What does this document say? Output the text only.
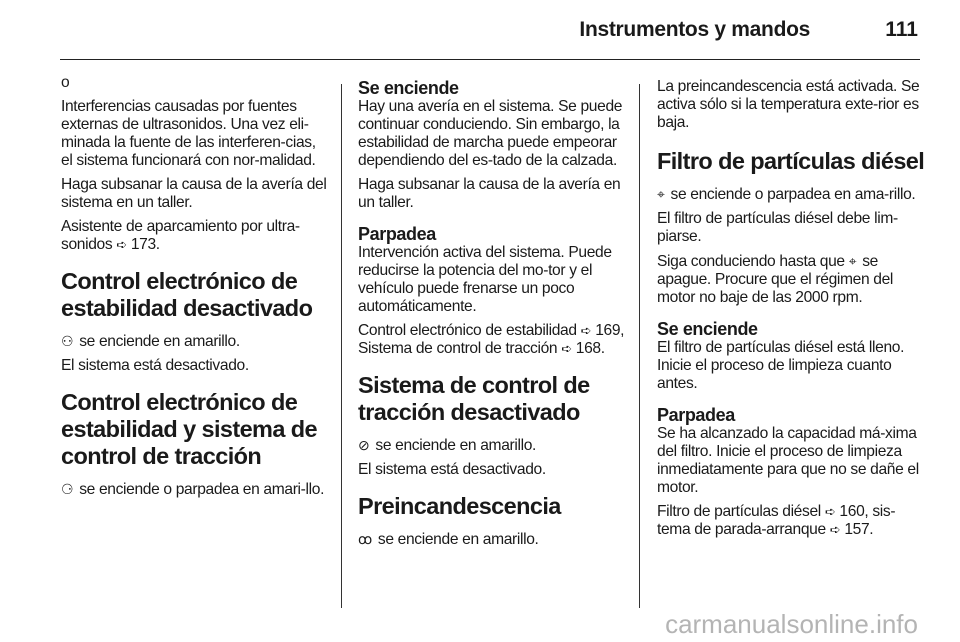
Instrumentos y mandos	111

o

Interferencias causadas por fuentes externas de ultrasonidos. Una vez eli-minada la fuente de las interferen-cias, el sistema funcionará con nor-malidad.

Haga subsanar la causa de la avería del sistema en un taller.

Asistente de aparcamiento por ultra-sonidos ➪ 173.

Control electrónico de estabilidad desactivado

⚇ se enciende en amarillo.

El sistema está desactivado.

Control electrónico de estabilidad y sistema de control de tracción

⚆ se enciende o parpadea en amari-llo.

Se enciende

Hay una avería en el sistema. Se puede continuar conduciendo. Sin embargo, la estabilidad de marcha puede empeorar dependiendo del es-tado de la calzada.

Haga subsanar la causa de la avería en un taller.

Parpadea

Intervención activa del sistema. Puede reducirse la potencia del mo-tor y el vehículo puede frenarse un poco automáticamente.

Control electrónico de estabilidad ➪ 169, Sistema de control de tracción ➪ 168.

Sistema de control de tracción desactivado

⊘ se enciende en amarillo.

El sistema está desactivado.

Preincandescencia

ꝏ se enciende en amarillo.

La preincandescencia está activada. Se activa sólo si la temperatura exte-rior es baja.

Filtro de partículas diésel

⌖ se enciende o parpadea en ama-rillo.

El filtro de partículas diésel debe lim-piarse.

Siga conduciendo hasta que ⌖ se apague. Procure que el régimen del motor no baje de las 2000 rpm.

Se enciende

El filtro de partículas diésel está lleno. Inicie el proceso de limpieza cuanto antes.

Parpadea

Se ha alcanzado la capacidad má-xima del filtro. Inicie el proceso de limpieza inmediatamente para que no se dañe el motor.

Filtro de partículas diésel ➪ 160, sis-tema de parada-arranque ➪ 157.

carmanualsonline.info
